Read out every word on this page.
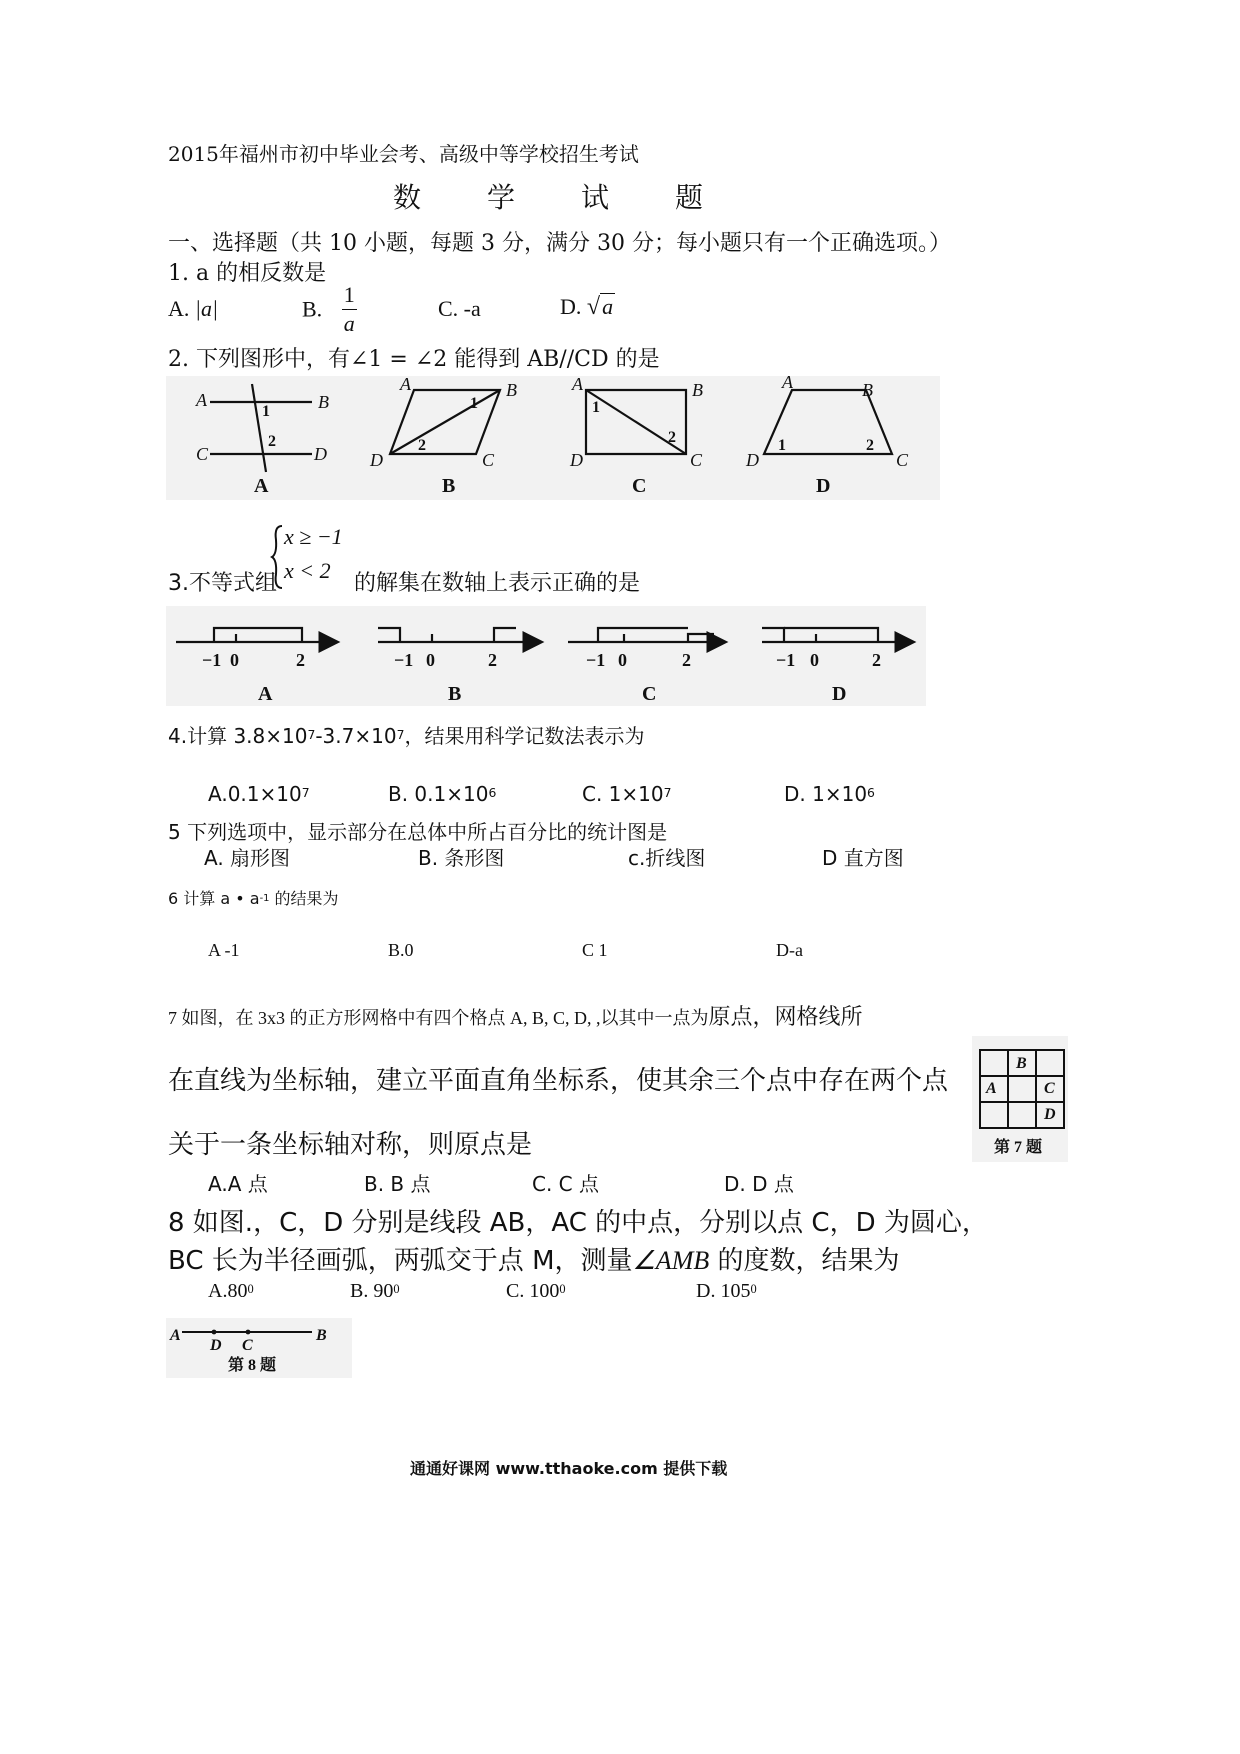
2015年福州市初中毕业会考、高级中等学校招生考试
数 学 试 题
一、选择题（共 10 小题，每题 3 分，满分 30 分；每小题只有一个正确选项。）
1. a 的相反数是
A. |a|	B. $\frac{1}{a}$	C. -a	D. √a
2. 下列图形中，有∠1 = ∠2 能得到 AB//CD 的是
A	B
C	D
A	B
C
D
A	B
C
D
A	B
C
D
1
2
1
2
1
2	1	2
A	B	C	D
3.不等式组
x ≥ −1
x < 2
的解集在数轴上表示正确的是
−1 0	2	−1 0	2	−1 0	2	−1 0	2
A	B	C	D
4.计算 $3.8\times 10^7-3.7\times 10^7$，结果用科学记数法表示为
$A.0.1\times 10^7$	B. $0.1\times 10^6$	C. $1\times 10^7$	D. $1\times 10^6$
5 下列选项中，显示部分在总体中所占百分比的统计图是
A. 扇形图	B. 条形图	c.折线图	D 直方图
6 计算 a • $a^{-1}$ 的结果为
A -1	B.0	C 1	D-a
7 如图，在 3x3 的正方形网格中有四个格点 A, B, C, D, ,以其中一点为原点，网格线所
在直线为坐标轴，建立平面直角坐标系，使其余三个点中存在两个点
关于一条坐标轴对称，则原点是
A.A 点	B. B 点	C. C 点	D. D 点
B
A	C
D
第 7 题
8 如图.，C，D 分别是线段 AB，AC 的中点，分别以点 C，D 为圆心，
BC 长为半径画弧，两弧交于点 M，测量∠AMB 的度数，结果为
$A.80^0$	B. $90^0$	C. $100^0$	D. $105^0$
A
D C
B
第 8 题
通通好课网 www.tthaoke.com 提供下载
